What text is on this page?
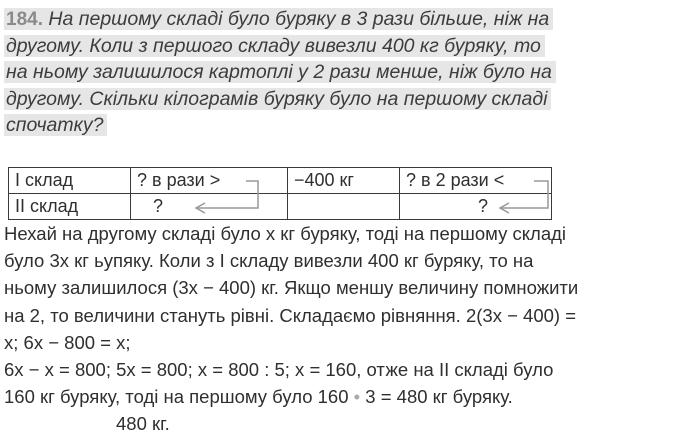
184. На першому складі було буряку в 3 рази більше, ніж на
другому. Коли з першого складу вивезли 400 кг буряку, то
на ньому залишилося картоплі у 2 рази менше, ніж було на
другому. Скільки кілограмів буряку було на першому складі
спочатку?
I склад	? в рази >	−400 кг	? в 2 рази <
II склад	?		?
Нехай на другому складі було x кг буряку, тоді на першому складі
було 3x кг ьупяку. Коли з I складу вивезли 400 кг буряку, то на
ньому залишилося (3x − 400) кг. Якщо меншу величину помножити
на 2, то величини стануть рівні. Складаємо рівняння. 2(3x − 400) =
x; 6x − 800 = x;
6x − x = 800; 5x = 800; x = 800 : 5; x = 160, отже на II складі було
160 кг буряку, тоді на першому було 160 • 3 = 480 кг буряку.
480 кг.
